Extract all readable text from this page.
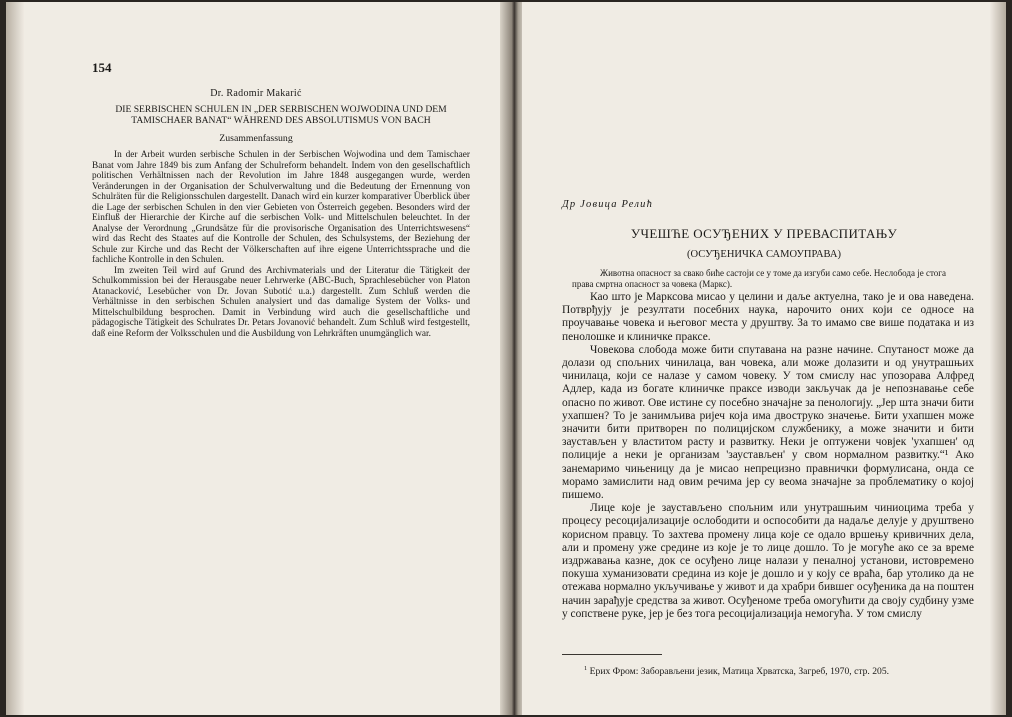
154
Dr. Radomir Makarić
DIE SERBISCHEN SCHULEN IN „DER SERBISCHEN WOJWODINA UND DEM TAMISCHAER BANAT“ WÄHREND DES ABSOLUTISMUS VON BACH
Zusammenfassung

In der Arbeit wurden serbische Schulen in der Serbischen Wojwodina und dem Tamischaer Banat vom Jahre 1849 bis zum Anfang der Schulreform behandelt. Indem von den gesellschaftlich politischen Verhältnissen nach der Revolution im Jahre 1848 ausgegangen wurde, werden Veränderungen in der Organisation der Schulverwaltung und die Bedeutung der Ernennung von Schulräten für die Religionsschulen dargestellt. Danach wird ein kurzer komparativer Überblick über die Lage der serbischen Schulen in den vier Gebieten von Österreich gegeben. Besonders wird der Einfluß der Hierarchie der Kirche auf die serbischen Volk- und Mittelschulen beleuchtet. In der Analyse der Verordnung „Grundsätze für die provisorische Organisation des Unterrichtswesens“ wird das Recht des Staates auf die Kontrolle der Schulen, des Schulsystems, der Beziehung der Schule zur Kirche und das Recht der Völkerschaften auf ihre eigene Unterrichtssprache und die fachliche Kontrolle in den Schulen.

Im zweiten Teil wird auf Grund des Archivmaterials und der Literatur die Tätigkeit der Schulkommission bei der Herausgabe neuer Lehrwerke (ABC-Buch, Sprachlesebücher von Platon Atanacković, Lesebücher von Dr. Jovan Subotić u.a.) dargestellt. Zum Schluß werden die Verhältnisse in den serbischen Schulen analysiert und das damalige System der Volks- und Mittelschulbildung besprochen. Damit in Verbindung wird auch die gesellschaftliche und pädagogische Tätigkeit des Schulrates Dr. Petars Jovanović behandelt. Zum Schluß wird festgestellt, daß eine Reform der Volksschulen und die Ausbildung von Lehrkräften unumgänglich war.

Др Јовица Релић
УЧЕШЋЕ ОСУЂЕНИХ У ПРЕВАСПИТАЊУ
(ОСУЂЕНИЧКА САМОУПРАВА)

Животна опасност за свако биће састоји се у томе да изгуби само себе. Неслобода је стога права смртна опасност за човека (Маркс).

Као што је Марксова мисао у целини и даље актуелна, тако је и ова наведена. Потврђују је резултати посебних наука, нарочито оних који се односе на проучавање човека и његовог места у друштву. За то имамо све више података и из пенолошке и клиничке праксе.

Човекова слобода може бити спутавана на разне начине. Спутаност може да долази од спољних чинилаца, ван човека, али може долазити и од унутрашњих чинилаца, који се налазе у самом човеку. У том смислу нас упозорава Алфред Адлер, када из богате клиничке праксе изводи закључак да је непознавање себе опасно по живот. Ове истине су посебно значајне за пенологију. „Јер шта значи бити ухапшен? То је занимљива ријеч која има двоструко значење. Бити ухапшен може значити бити притворен по полицијском службенику, а може значити и бити заустављен у властитом расту и развитку. Неки је оптужени човјек 'ухапшен' од полиције а неки је организам 'заустављен' у свом нормалном развитку.“¹ Ако занемаримо чињеницу да је мисао непрецизно правнички формулисана, онда се морамо замислити над овим речима јер су веома значајне за проблематику о којој пишемо.

Лице које је заустављено спољним или унутрашњим чиниоцима треба у процесу ресоцијализације ослободити и оспособити да надаље делује у друштвено корисном правцу. То захтева промену лица које се одало вршењу кривичних дела, али и промену уже средине из које је то лице дошло. То је могуће ако се за време издржавања казне, док се осуђено лице налази у пеналној установи, истовремено покуша хуманизовати средина из које је дошло и у коју се враћа, бар утолико да не отежава нормално укључивање у живот и да храбри бившег осуђеника да на поштен начин зарађује средства за живот. Осуђеноме треба омогућити да своју судбину узме у сопствене руке, јер је без тога ресоцијализација немогућа. У том смислу

$^1$ Ерих Фром: Заборављени језик, Матица Хрватска, Загреб, 1970, стр. 205.
